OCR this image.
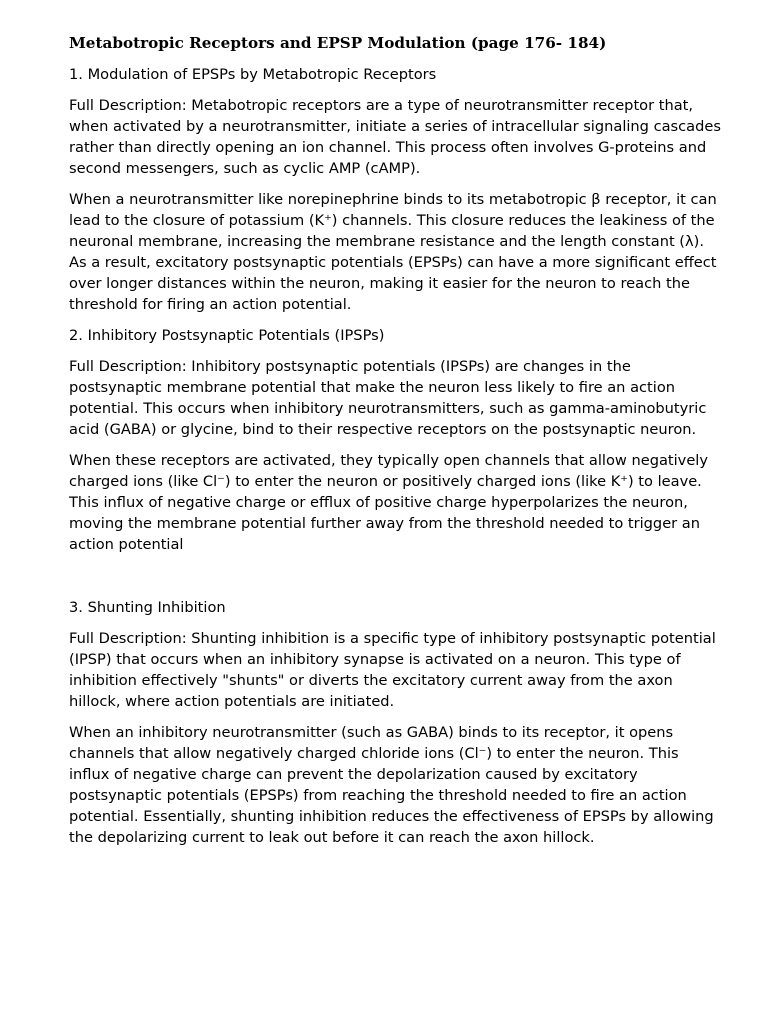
Metabotropic Receptors and EPSP Modulation (page 176- 184)
1. Modulation of EPSPs by Metabotropic Receptors
Full Description: Metabotropic receptors are a type of neurotransmitter receptor that, when activated by a neurotransmitter, initiate a series of intracellular signaling cascades rather than directly opening an ion channel. This process often involves G-proteins and second messengers, such as cyclic AMP (cAMP).
When a neurotransmitter like norepinephrine binds to its metabotropic β receptor, it can lead to the closure of potassium (K⁺) channels. This closure reduces the leakiness of the neuronal membrane, increasing the membrane resistance and the length constant (λ). As a result, excitatory postsynaptic potentials (EPSPs) can have a more significant effect over longer distances within the neuron, making it easier for the neuron to reach the threshold for firing an action potential.
2. Inhibitory Postsynaptic Potentials (IPSPs)
Full Description: Inhibitory postsynaptic potentials (IPSPs) are changes in the postsynaptic membrane potential that make the neuron less likely to fire an action potential. This occurs when inhibitory neurotransmitters, such as gamma-aminobutyric acid (GABA) or glycine, bind to their respective receptors on the postsynaptic neuron.
When these receptors are activated, they typically open channels that allow negatively charged ions (like Cl⁻) to enter the neuron or positively charged ions (like K⁺) to leave. This influx of negative charge or efflux of positive charge hyperpolarizes the neuron, moving the membrane potential further away from the threshold needed to trigger an action potential
3. Shunting Inhibition
Full Description: Shunting inhibition is a specific type of inhibitory postsynaptic potential (IPSP) that occurs when an inhibitory synapse is activated on a neuron. This type of inhibition effectively "shunts" or diverts the excitatory current away from the axon hillock, where action potentials are initiated.
When an inhibitory neurotransmitter (such as GABA) binds to its receptor, it opens channels that allow negatively charged chloride ions (Cl⁻) to enter the neuron. This influx of negative charge can prevent the depolarization caused by excitatory postsynaptic potentials (EPSPs) from reaching the threshold needed to fire an action potential. Essentially, shunting inhibition reduces the effectiveness of EPSPs by allowing the depolarizing current to leak out before it can reach the axon hillock.
